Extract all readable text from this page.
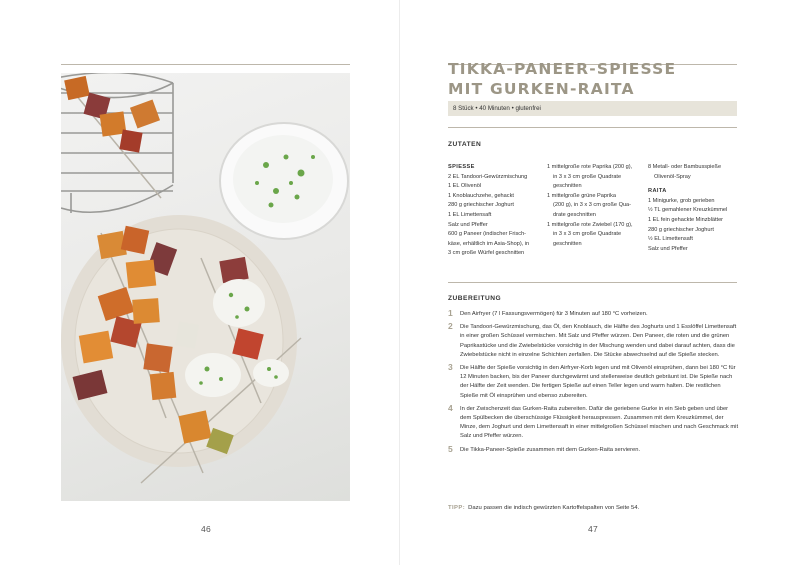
46
TIKKA-PANEER-SPIESSE
MIT GURKEN-RAITA
8 Stück • 40 Minuten • glutenfrei
ZUTATEN
SPIESSE
2 EL Tandoori-Gewürzmischung
1 EL Olivenöl
1 Knoblauchzehe, gehackt
280 g griechischer Joghurt
1 EL Limettensaft
Salz und Pfeffer
600 g Paneer (indischer Frisch-
käse, erhältlich im Asia-Shop), in
3 cm große Würfel geschnitten
1 mittelgroße rote Paprika (200 g),
in 3 x 3 cm große Quadrate
geschnitten
1 mittelgroße grüne Paprika
(200 g), in 3 x 3 cm große Qua-
drate geschnitten
1 mittelgroße rote Zwiebel (170 g),
in 3 x 3 cm große Quadrate
geschnitten
8 Metall- oder Bambusspieße
Olivenöl-Spray
RAITA
1 Minigurke, grob gerieben
½ TL gemahlener Kreuzkümmel
1 EL fein gehackte Minzblätter
280 g griechischer Joghurt
½ EL Limettensaft
Salz und Pfeffer
ZUBEREITUNG
1 Den Airfryer (7 l Fassungsvermögen) für 3 Minuten auf 180 °C vorheizen.
2 Die Tandoori-Gewürzmischung, das Öl, den Knoblauch, die Hälfte des Joghurts und 1 Esslöffel Limettensaft in einer großen Schüssel vermischen. Mit Salz und Pfeffer würzen. Den Paneer, die roten und die grünen Paprikastücke und die Zwiebelstücke vorsichtig in der Mischung wenden und dabei darauf achten, dass die Zwiebelstücke nicht in einzelne Schichten zerfallen. Die Stücke abwechselnd auf die Spieße stecken.
3 Die Hälfte der Spieße vorsichtig in den Airfryer-Korb legen und mit Olivenöl einsprühen, dann bei 180 °C für 12 Minuten backen, bis der Paneer durchgewärmt und stellenweise deutlich gebräunt ist. Die Spieße nach der Hälfte der Zeit wenden. Die fertigen Spieße auf einen Teller legen und warm halten. Die restlichen Spieße mit Öl einsprühen und ebenso zubereiten.
4 In der Zwischenzeit das Gurken-Raita zubereiten. Dafür die geriebene Gurke in ein Sieb geben und über dem Spülbecken die überschüssige Flüssigkeit herauspressen. Zusammen mit dem Kreuzkümmel, der Minze, dem Joghurt und dem Limettensaft in einer mittelgroßen Schüssel mischen und nach Geschmack mit Salz und Pfeffer würzen.
5 Die Tikka-Paneer-Spieße zusammen mit dem Gurken-Raita servieren.
TIPP: Dazu passen die indisch gewürzten Kartoffelspalten von Seite 54.
47
